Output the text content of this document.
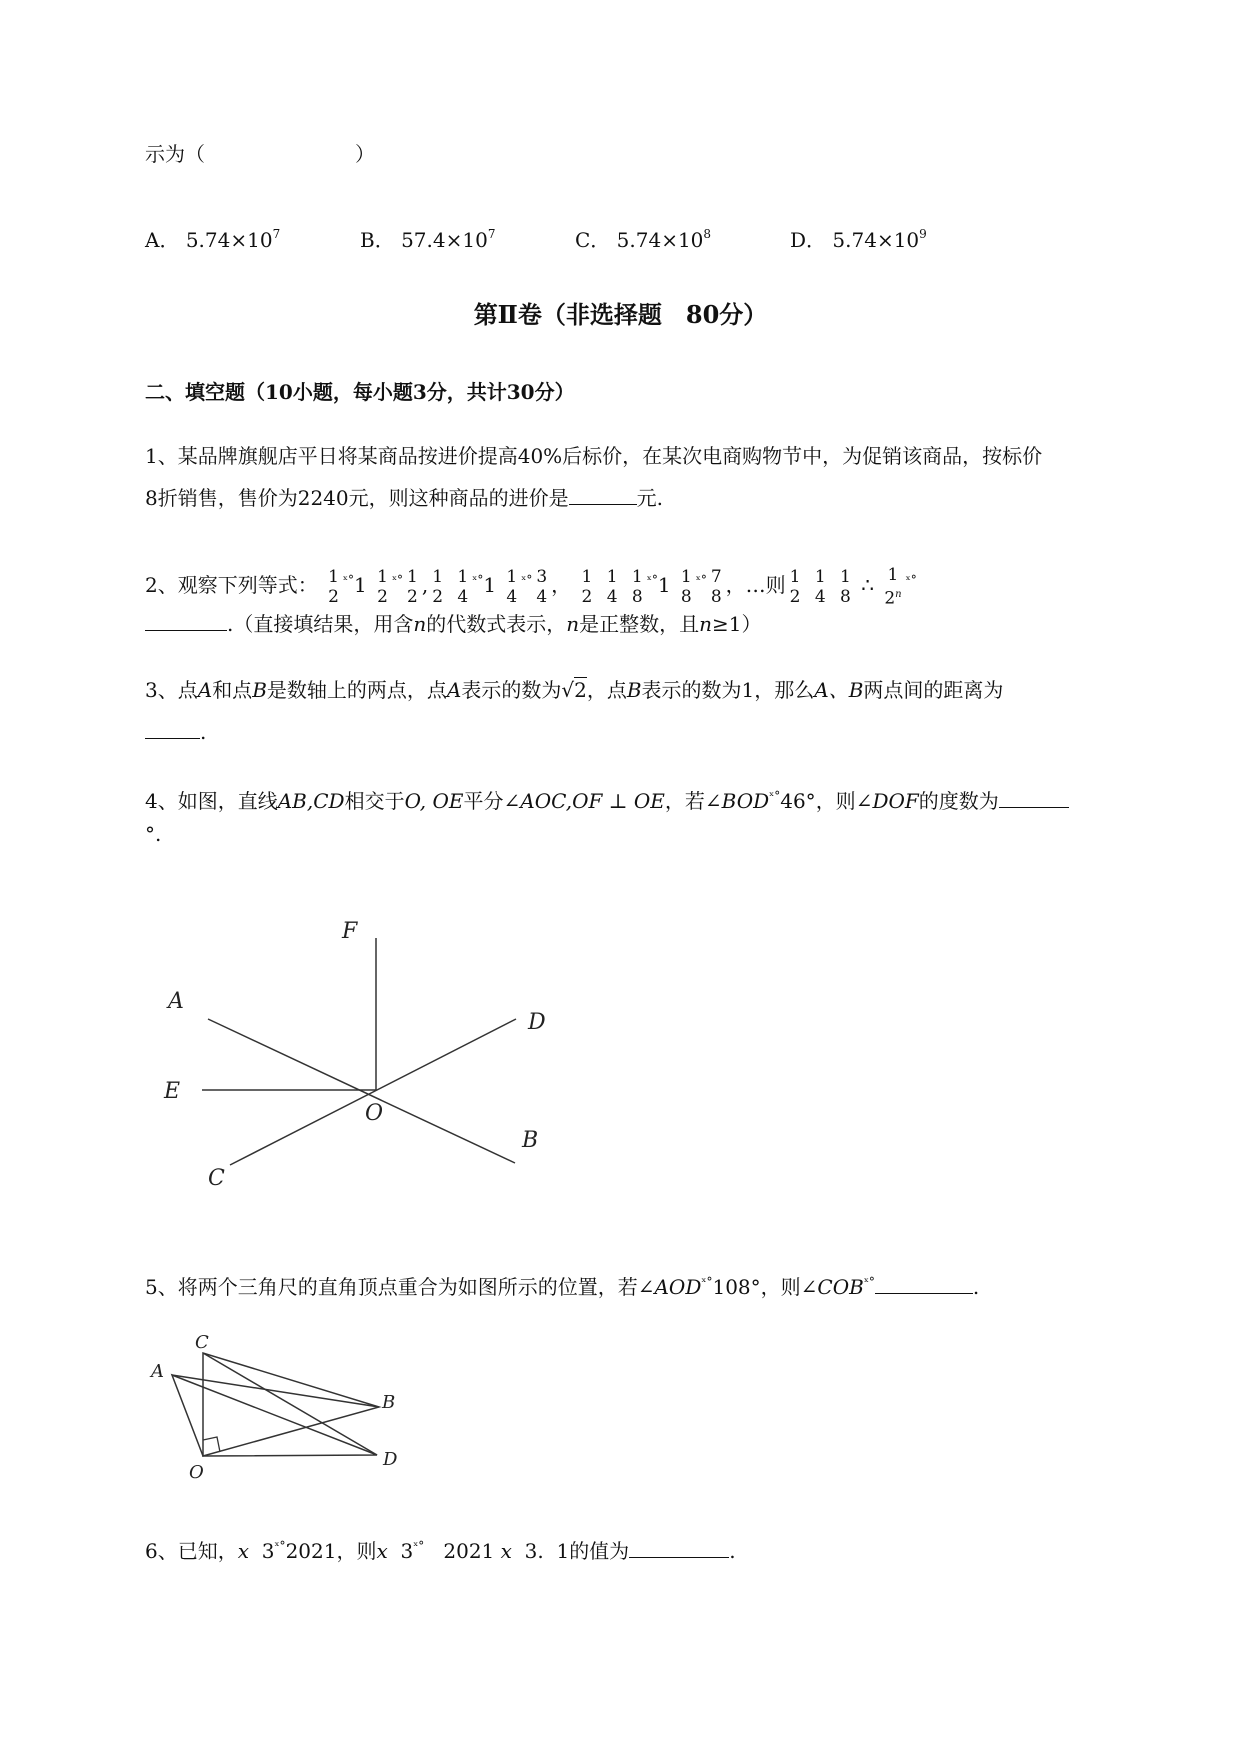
示为（	）
A． $5.74\times 10^7$	B． $57.4\times 10^7$	C． $5.74\times 10^8$	D． $5.74\times 10^9$
第Ⅱ卷（非选择题　80分）
二、填空题（10小题，每小题3分，共计30分）
1、某品牌旗舰店平日将某商品按进价提高40%后标价，在某次电商购物节中，为促销该商品，按标价
8折销售，售价为2240元，则这种商品的进价是	元.
2、观察下列等式： 1
2
$^{ˣ^\circ}$1 1
2
$^{ˣ^\circ}$ 1
2 , 1
2

1
4
$^{ˣ^\circ}$1 1
4
$^{ˣ^\circ}$ 3
4 ， 1
2

1
4

1
8
$^{ˣ^\circ}$1 1
8
$^{ˣ^\circ}$ 7
8 ，…则 1
2

1
4

1
8 ∴ 1
2$^n$
$^{ˣ^\circ}$
.（直接填结果，用含n的代数式表示，n是正整数，且n≥1）
3、点A和点B是数轴上的两点，点A表示的数为√2，点B表示的数为1，那么A、B两点间的距离为
.
4、如图，直线AB,CD相交于O, OE平分∠AOC,OF ⊥ OE，若$\angle BOD^{ˣ^\circ}46^\circ$，则∠DOF的度数为
°.
F
A
D
E
O
B
C
5、将两个三角尺的直角顶点重合为如图所示的位置，若$\angle AOD^{ˣ^\circ}108^\circ$，则$\angle COB^{ˣ^\circ}$	.
A
C
B
O
D
6、已知，x $3^{ˣ^\circ}2021$，则x $3^{ˣ^\circ}$ 2021 x 3.  1的值为	.
